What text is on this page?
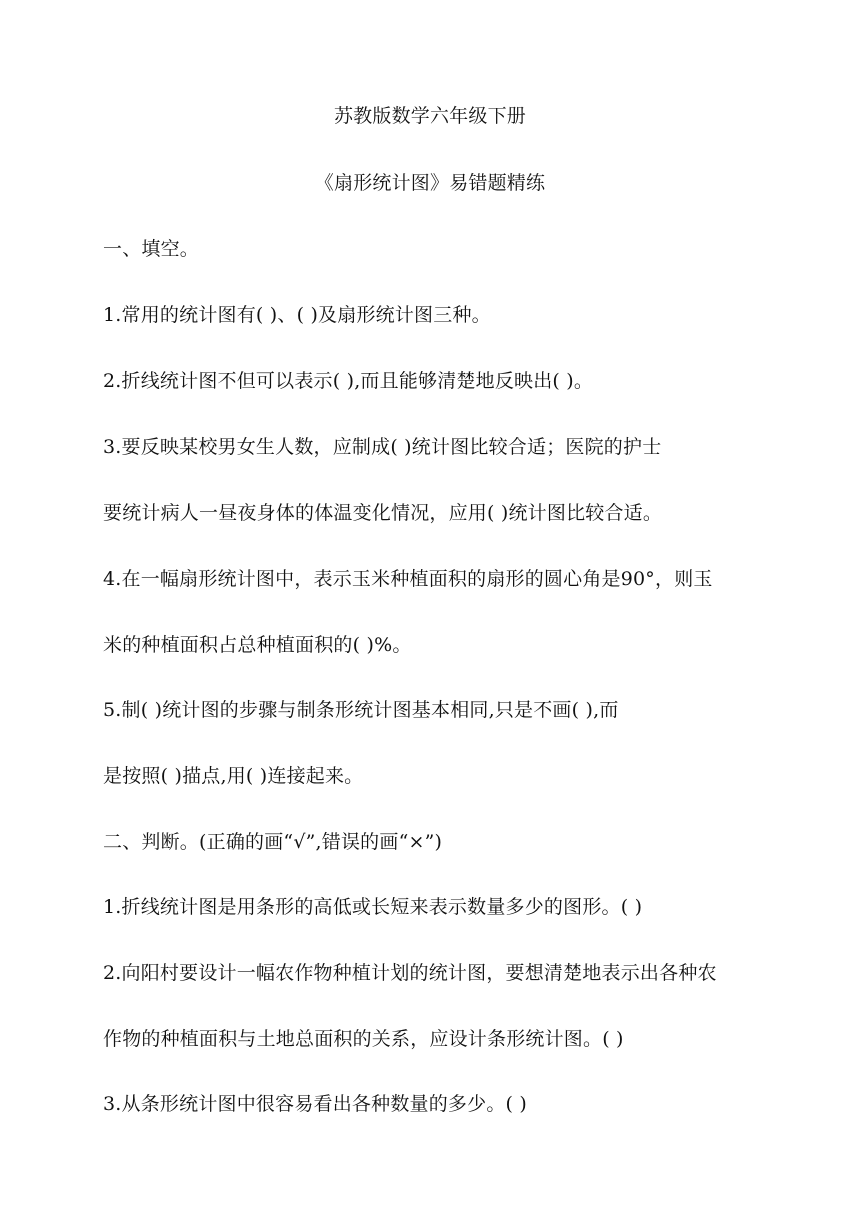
苏教版数学六年级下册
《扇形统计图》易错题精练
一、填空。
1.常用的统计图有( )、( )及扇形统计图三种。
2.折线统计图不但可以表示( ),而且能够清楚地反映出( )。
3.要反映某校男女生人数，应制成( )统计图比较合适；医院的护士
要统计病人一昼夜身体的体温变化情况，应用( )统计图比较合适。
4.在一幅扇形统计图中，表示玉米种植面积的扇形的圆心角是90°，则玉
米的种植面积占总种植面积的( )%。
5.制( )统计图的步骤与制条形统计图基本相同,只是不画( ),而
是按照( )描点,用( )连接起来。
二、判断。(正确的画“√”,错误的画“×”)
1.折线统计图是用条形的高低或长短来表示数量多少的图形。( )
2.向阳村要设计一幅农作物种植计划的统计图，要想清楚地表示出各种农
作物的种植面积与土地总面积的关系，应设计条形统计图。( )
3.从条形统计图中很容易看出各种数量的多少。( )
